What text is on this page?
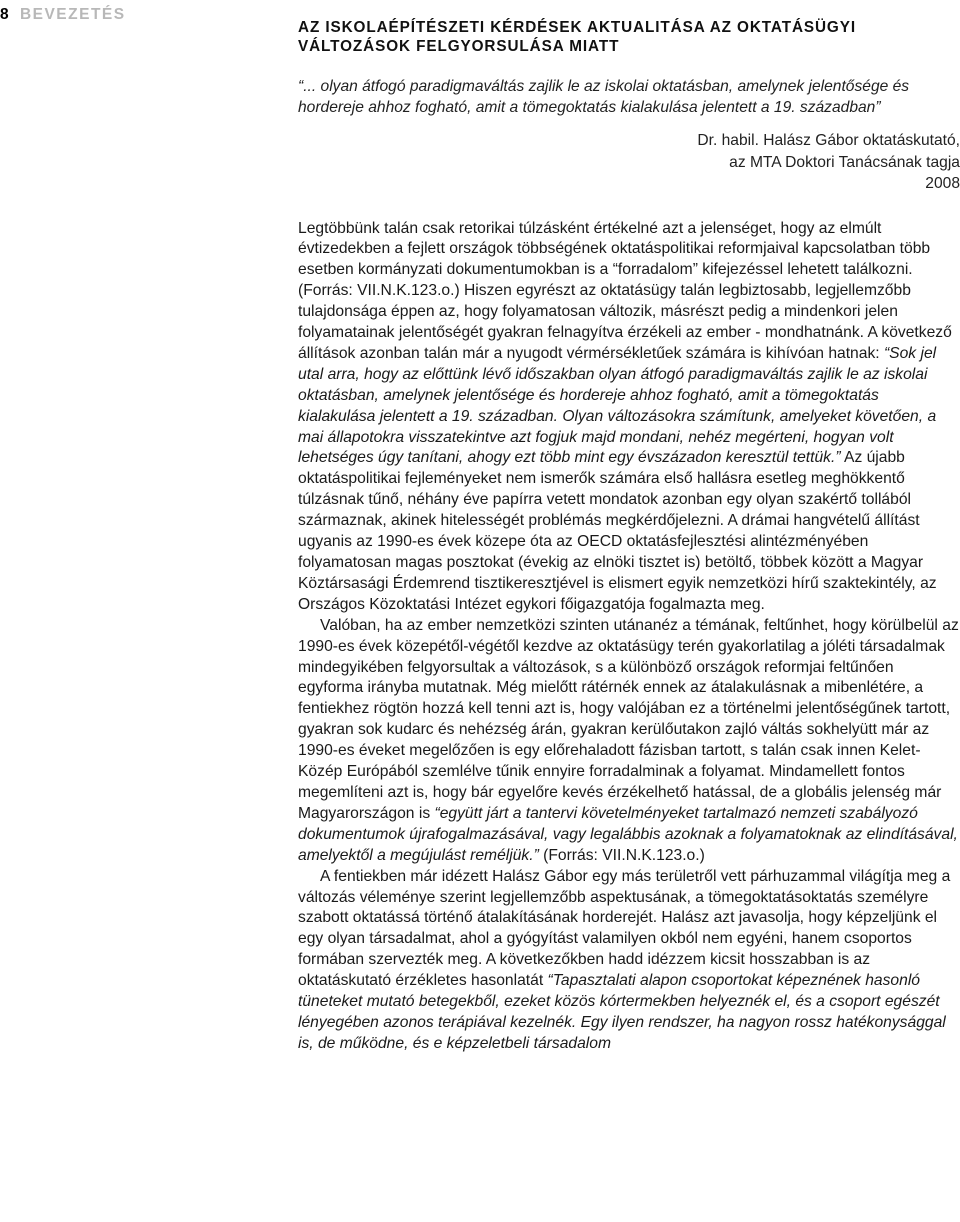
8 BEVEZETÉS
AZ ISKOLAÉPÍTÉSZETI KÉRDÉSEK AKTUALITÁSA AZ OKTATÁSÜGYI VÁLTOZÁSOK FELGYORSULÁSA MIATT

“... olyan átfogó paradigmaváltás zajlik le az iskolai oktatásban, amelynek jelentősége és hordereje ahhoz fogható, amit a tömegoktatás kialakulása jelentett a 19. században”

Dr. habil. Halász Gábor oktatáskutató,
az MTA Doktori Tanácsának tagja
2008

Legtöbbünk talán csak retorikai túlzásként értékelné azt a jelenséget, hogy az elmúlt évtizedekben a fejlett országok többségének oktatáspolitikai reformjaival kapcsolatban több esetben kormányzati dokumentumokban is a “forradalom” kifejezéssel lehetett találkozni. (Forrás: VII.N.K.123.o.) Hiszen egyrészt az oktatásügy talán legbiztosabb, legjellemzőbb tulajdonsága éppen az, hogy folyamatosan változik, másrészt pedig a mindenkori jelen folyamatainak jelentőségét gyakran felnagyítva érzékeli az ember - mondhatnánk. A következő állítások azonban talán már a nyugodt vérmérsékletűek számára is kihívóan hatnak: “Sok jel utal arra, hogy az előttünk lévő időszakban olyan átfogó paradigmaváltás zajlik le az iskolai oktatásban, amelynek jelentősége és hordereje ahhoz fogható, amit a tömegoktatás kialakulása jelentett a 19. században. Olyan változásokra számítunk, amelyeket követően, a mai állapotokra visszatekintve azt fogjuk majd mondani, nehéz megérteni, hogyan volt lehetséges úgy tanítani, ahogy ezt több mint egy évszázadon keresztül tettük.” Az újabb oktatáspolitikai fejleményeket nem ismerők számára első hallásra esetleg meghökkentő túlzásnak tűnő, néhány éve papírra vetett mondatok azonban egy olyan szakértő tollából származnak, akinek hitelességét problémás megkérdőjelezni. A drámai hangvételű állítást ugyanis az 1990-es évek közepe óta az OECD oktatásfejlesztési alintézményében folyamatosan magas posztokat (évekig az elnöki tisztet is) betöltő, többek között a Magyar Köztársasági Érdemrend tisztikeresztjével is elismert egyik nemzetközi hírű szaktekintély, az Országos Közoktatási Intézet egykori főigazgatója fogalmazta meg.

Valóban, ha az ember nemzetközi szinten utánanéz a témának, feltűnhet, hogy körülbelül az 1990-es évek közepétől-végétől kezdve az oktatásügy terén gyakorlatilag a jóléti társadalmak mindegyikében felgyorsultak a változások, s a különböző országok reformjai feltűnően egyforma irányba mutatnak. Még mielőtt rátérnék ennek az átalakulásnak a mibenlétére, a fentiekhez rögtön hozzá kell tenni azt is, hogy valójában ez a történelmi jelentőségűnek tartott, gyakran sok kudarc és nehézség árán, gyakran kerülőutakon zajló váltás sokhelyütt már az 1990-es éveket megelőzően is egy előrehaladott fázisban tartott, s talán csak innen Kelet-Közép Európából szemlélve tűnik ennyire forradalminak a folyamat. Mindamellett fontos megemlíteni azt is, hogy bár egyelőre kevés érzékelhető hatással, de a globális jelenség már Magyarországon is “együtt járt a tantervi követelményeket tartalmazó nemzeti szabályozó dokumentumok újrafogalmazásával, vagy legalábbis azoknak a folyamatoknak az elindításával, amelyektől a megújulást reméljük.” (Forrás: VII.N.K.123.o.)

A fentiekben már idézett Halász Gábor egy más területről vett párhuzammal világítja meg a változás véleménye szerint legjellemzőbb aspektusának, a tömegoktatásoktatás személyre szabott oktatássá történő átalakításának horderejét. Halász azt javasolja, hogy képzeljünk el egy olyan társadalmat, ahol a gyógyítást valamilyen okból nem egyéni, hanem csoportos formában szervezték meg. A következőkben hadd idézzem kicsit hosszabban is az oktatáskutató érzékletes hasonlatát “Tapasztalati alapon csoportokat képeznének hasonló tüneteket mutató betegekből, ezeket közös kórtermekben helyeznék el, és a csoport egészét lényegében azonos terápiával kezelnék. Egy ilyen rendszer, ha nagyon rossz hatékonysággal is, de működne, és e képzeletbeli társadalom
